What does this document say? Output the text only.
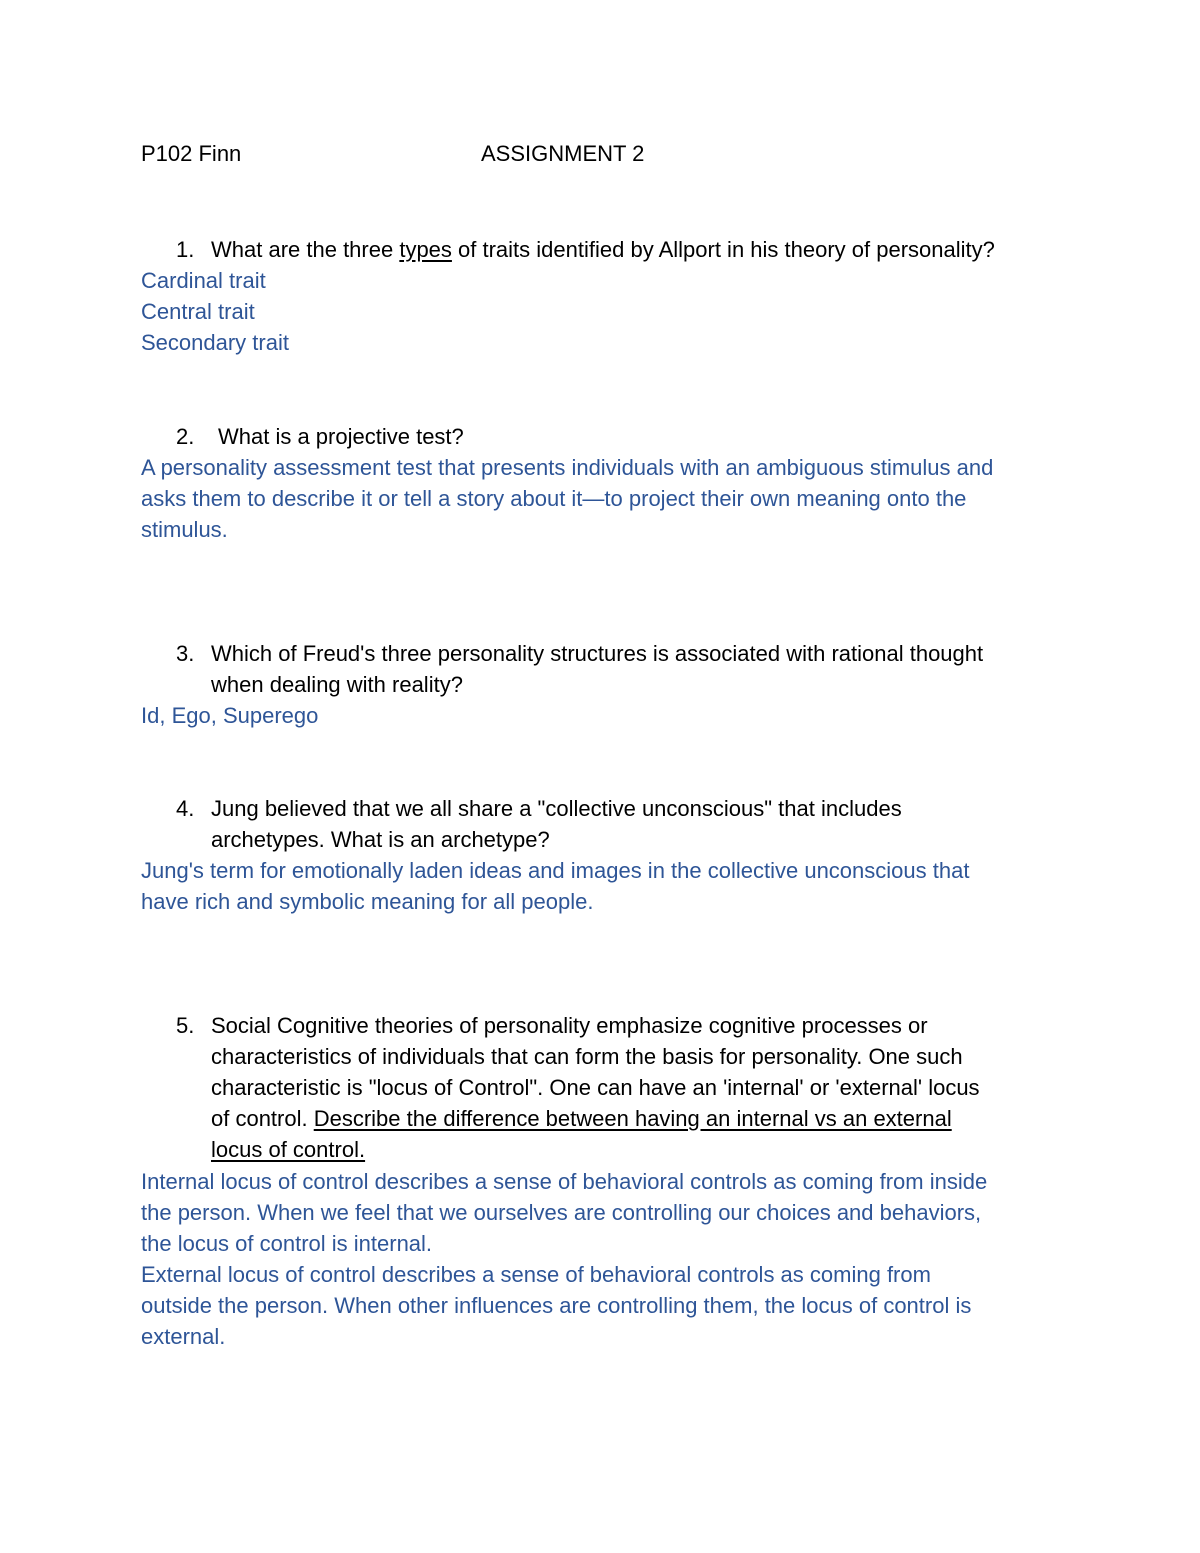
P102 Finn	ASSIGNMENT 2
1. What are the three types of traits identified by Allport in his theory of personality?
Cardinal trait
Central trait
Secondary trait
2. What is a projective test?
A personality assessment test that presents individuals with an ambiguous stimulus and
asks them to describe it or tell a story about it—to project their own meaning onto the
stimulus.
3. Which of Freud's three personality structures is associated with rational thought
when dealing with reality?
Id, Ego, Superego
4. Jung believed that we all share a "collective unconscious" that includes
archetypes. What is an archetype?
Jung's term for emotionally laden ideas and images in the collective unconscious that
have rich and symbolic meaning for all people.
5. Social Cognitive theories of personality emphasize cognitive processes or
characteristics of individuals that can form the basis for personality. One such
characteristic is "locus of Control". One can have an 'internal' or 'external' locus
of control. Describe the difference between having an internal vs an external
locus of control.
Internal locus of control describes a sense of behavioral controls as coming from inside
the person. When we feel that we ourselves are controlling our choices and behaviors,
the locus of control is internal.
External locus of control describes a sense of behavioral controls as coming from
outside the person. When other influences are controlling them, the locus of control is
external.
